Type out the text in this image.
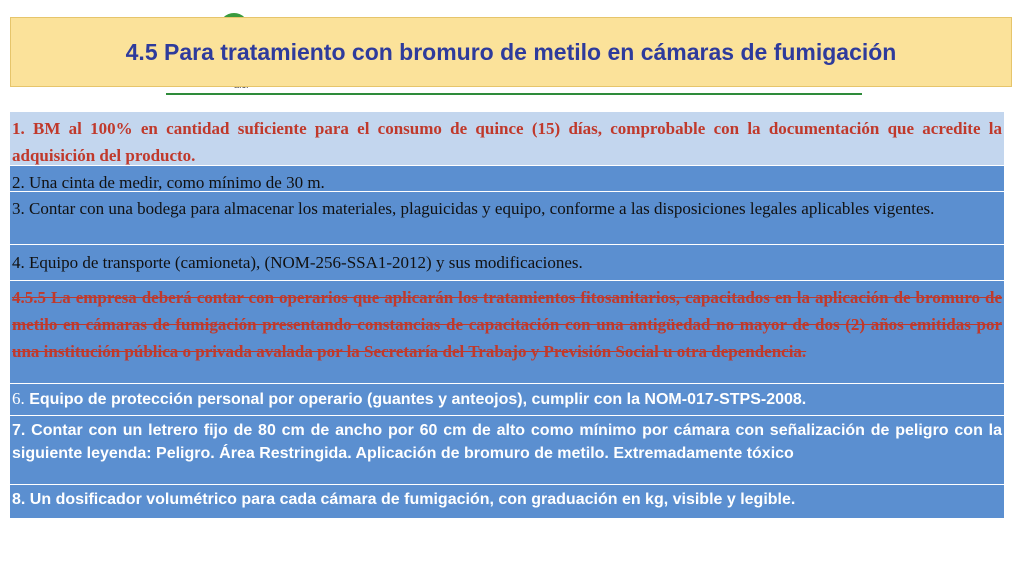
4.5 Para tratamiento con bromuro de metilo en cámaras de fumigación
1. BM al 100% en cantidad suficiente para el consumo de quince (15) días, comprobable con la documentación que acredite la adquisición del producto.
2. Una cinta de medir, como mínimo de 30 m.
3. Contar con una bodega para almacenar los materiales, plaguicidas y equipo, conforme a las disposiciones legales aplicables vigentes.
4. Equipo de transporte (camioneta), (NOM-256-SSA1-2012) y sus modificaciones.
4.5.5 La empresa deberá contar con operarios que aplicarán los tratamientos fitosanitarios, capacitados en la aplicación de bromuro de metilo en cámaras de fumigación presentando constancias de capacitación con una antigüedad no mayor de dos (2) años emitidas por una institución pública o privada avalada por la Secretaría del Trabajo y Previsión Social u otra dependencia.
6. Equipo de protección personal por operario (guantes y anteojos), cumplir con la NOM-017-STPS-2008.
7. Contar con un letrero fijo de 80 cm de ancho por 60 cm de alto como mínimo por cámara con señalización de peligro con la siguiente leyenda: Peligro. Área Restringida. Aplicación de bromuro de metilo. Extremadamente tóxico
8. Un dosificador volumétrico para cada cámara de fumigación, con graduación en kg, visible y legible.
